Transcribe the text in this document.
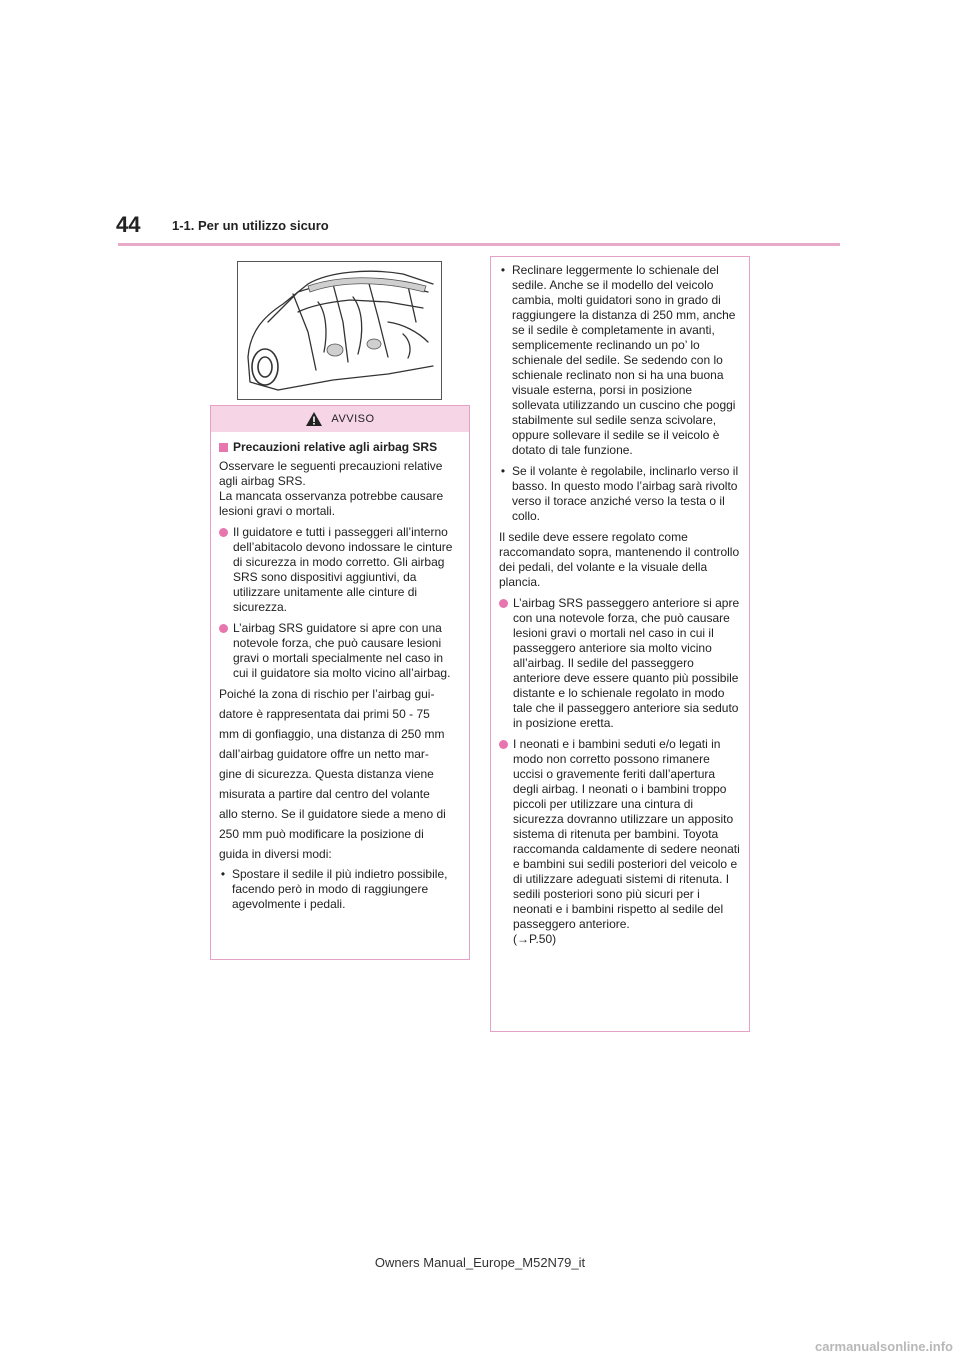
44 1-1. Per un utilizzo sicuro
AVVISO
Precauzioni relative agli airbag SRS

Osservare le seguenti precauzioni relative agli airbag SRS.

La mancata osservanza potrebbe causare lesioni gravi o mortali.

Il guidatore e tutti i passeggeri all’interno dell’abitacolo devono indossare le cinture di sicurezza in modo corretto. Gli airbag SRS sono dispositivi aggiuntivi, da utilizzare unitamente alle cinture di sicurezza.
L’airbag SRS guidatore si apre con una notevole forza, che può causare lesioni gravi o mortali specialmente nel caso in cui il guidatore sia molto vicino all’airbag.

Poiché la zona di rischio per l’airbag gui-

datore è rappresentata dai primi 50 - 75

mm di gonfiaggio, una distanza di 250 mm

dall’airbag guidatore offre un netto mar-

gine di sicurezza. Questa distanza viene

misurata a partire dal centro del volante

allo sterno. Se il guidatore siede a meno di

250 mm può modificare la posizione di

guida in diversi modi:

• Spostare il sedile il più indietro possibile, facendo però in modo di raggiungere agevolmente i pedali.
• Reclinare leggermente lo schienale del sedile. Anche se il modello del veicolo cambia, molti guidatori sono in grado di raggiungere la distanza di 250 mm, anche se il sedile è completamente in avanti, semplicemente reclinando un po’ lo schienale del sedile. Se sedendo con lo schienale reclinato non si ha una buona visuale esterna, porsi in posizione sollevata utilizzando un cuscino che poggi stabilmente sul sedile senza scivolare, oppure sollevare il sedile se il veicolo è dotato di tale funzione.
• Se il volante è regolabile, inclinarlo verso il basso. In questo modo l’airbag sarà rivolto verso il torace anziché verso la testa o il collo.

Il sedile deve essere regolato come raccomandato sopra, mantenendo il controllo dei pedali, del volante e la visuale della plancia.

L’airbag SRS passeggero anteriore si apre con una notevole forza, che può causare lesioni gravi o mortali nel caso in cui il passeggero anteriore sia molto vicino all’airbag. Il sedile del passeggero anteriore deve essere quanto più possibile distante e lo schienale regolato in modo tale che il passeggero anteriore sia seduto in posizione eretta.
I neonati e i bambini seduti e/o legati in modo non corretto possono rimanere uccisi o gravemente feriti dall’apertura degli airbag. I neonati o i bambini troppo piccoli per utilizzare una cintura di sicurezza dovranno utilizzare un apposito sistema di ritenuta per bambini. Toyota raccomanda caldamente di sedere neonati e bambini sui sedili posteriori del veicolo e di utilizzare adeguati sistemi di ritenuta. I sedili posteriori sono più sicuri per i neonati e i bambini rispetto al sedile del passeggero anteriore.
(→P.50)
Owners Manual_Europe_M52N79_it
carmanualsonline.info
